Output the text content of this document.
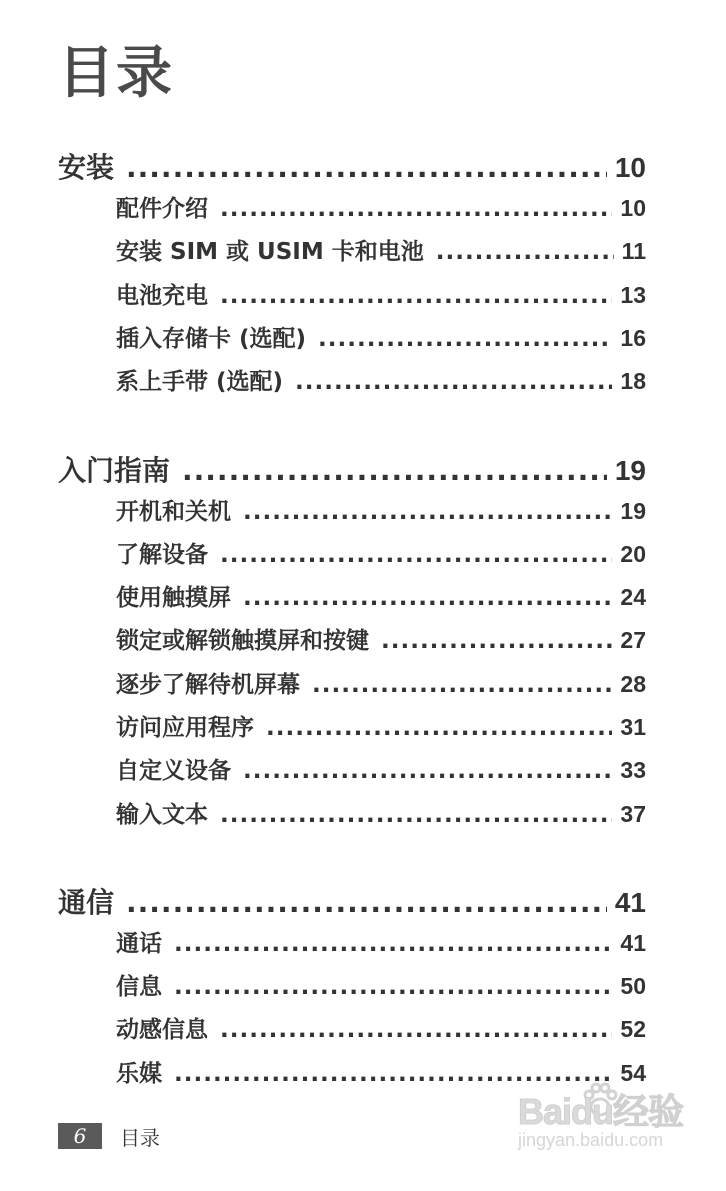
目录
安装 .....	10
配件介绍 .....	10
安装 SIM 或 USIM 卡和电池 .....	11
电池充电 .....	13
插入存储卡 (选配) .....	16
系上手带 (选配) .....	18
入门指南 .....	19
开机和关机 .....	19
了解设备 .....	20
使用触摸屏 .....	24
锁定或解锁触摸屏和按键 .....	27
逐步了解待机屏幕 .....	28
访问应用程序 .....	31
自定义设备 .....	33
输入文本 .....	37
通信 .....	41
通话 .....	41
信息 .....	50
动感信息 .....	52
乐媒 .....	54
6	目录
Baidu经验
jingyan.baidu.com
